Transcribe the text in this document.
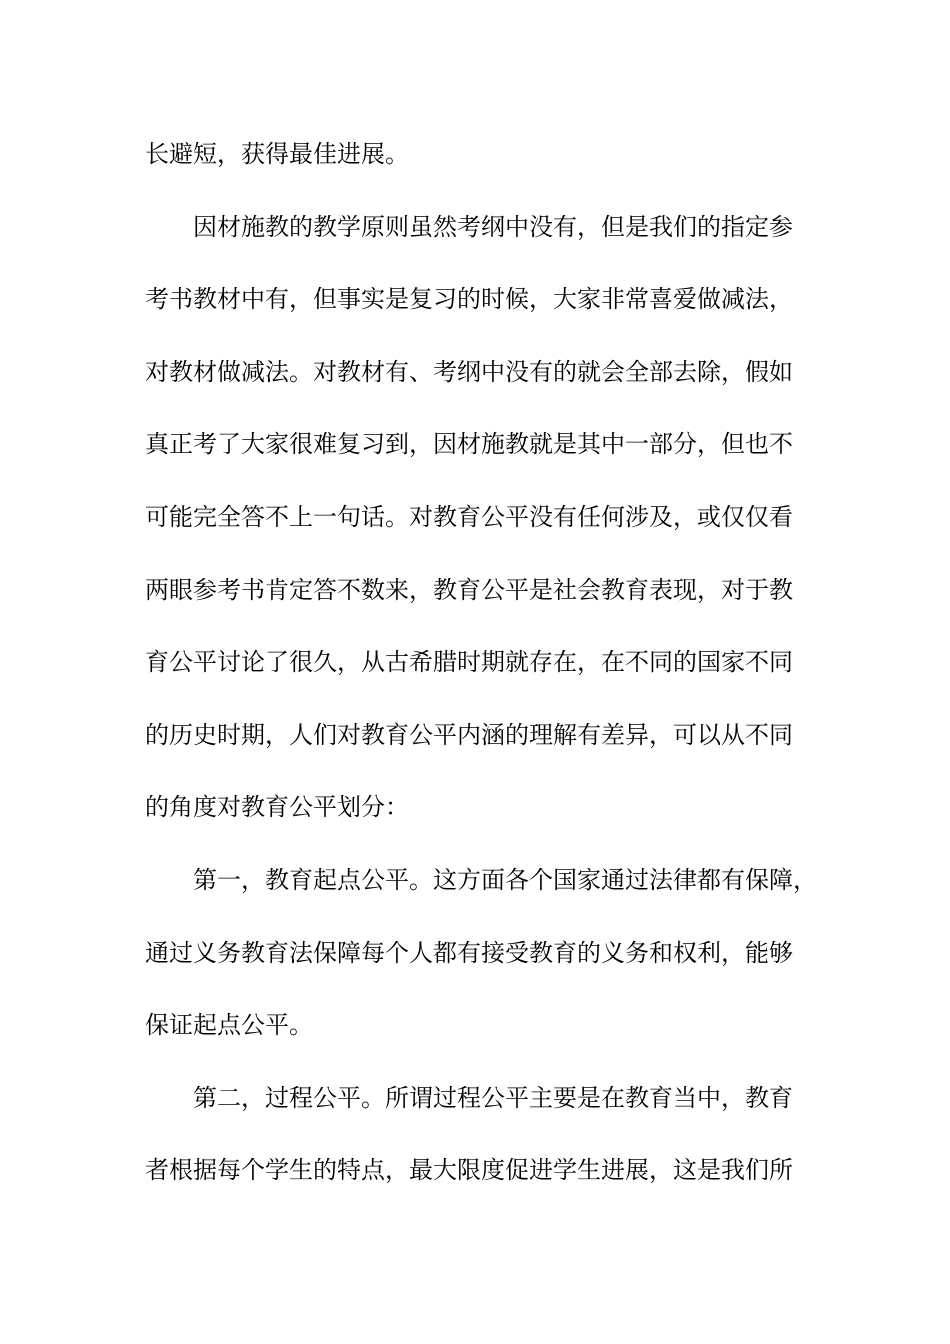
长避短，获得最佳进展。
因材施教的教学原则虽然考纲中没有，但是我们的指定参
考书教材中有，但事实是复习的时候，大家非常喜爱做减法，
对教材做减法。对教材有、考纲中没有的就会全部去除，假如
真正考了大家很难复习到，因材施教就是其中一部分，但也不
可能完全答不上一句话。对教育公平没有任何涉及，或仅仅看
两眼参考书肯定答不数来，教育公平是社会教育表现，对于教
育公平讨论了很久，从古希腊时期就存在，在不同的国家不同
的历史时期，人们对教育公平内涵的理解有差异，可以从不同
的角度对教育公平划分：
第一，教育起点公平。这方面各个国家通过法律都有保障，
通过义务教育法保障每个人都有接受教育的义务和权利，能够
保证起点公平。
第二，过程公平。所谓过程公平主要是在教育当中，教育
者根据每个学生的特点，最大限度促进学生进展，这是我们所
